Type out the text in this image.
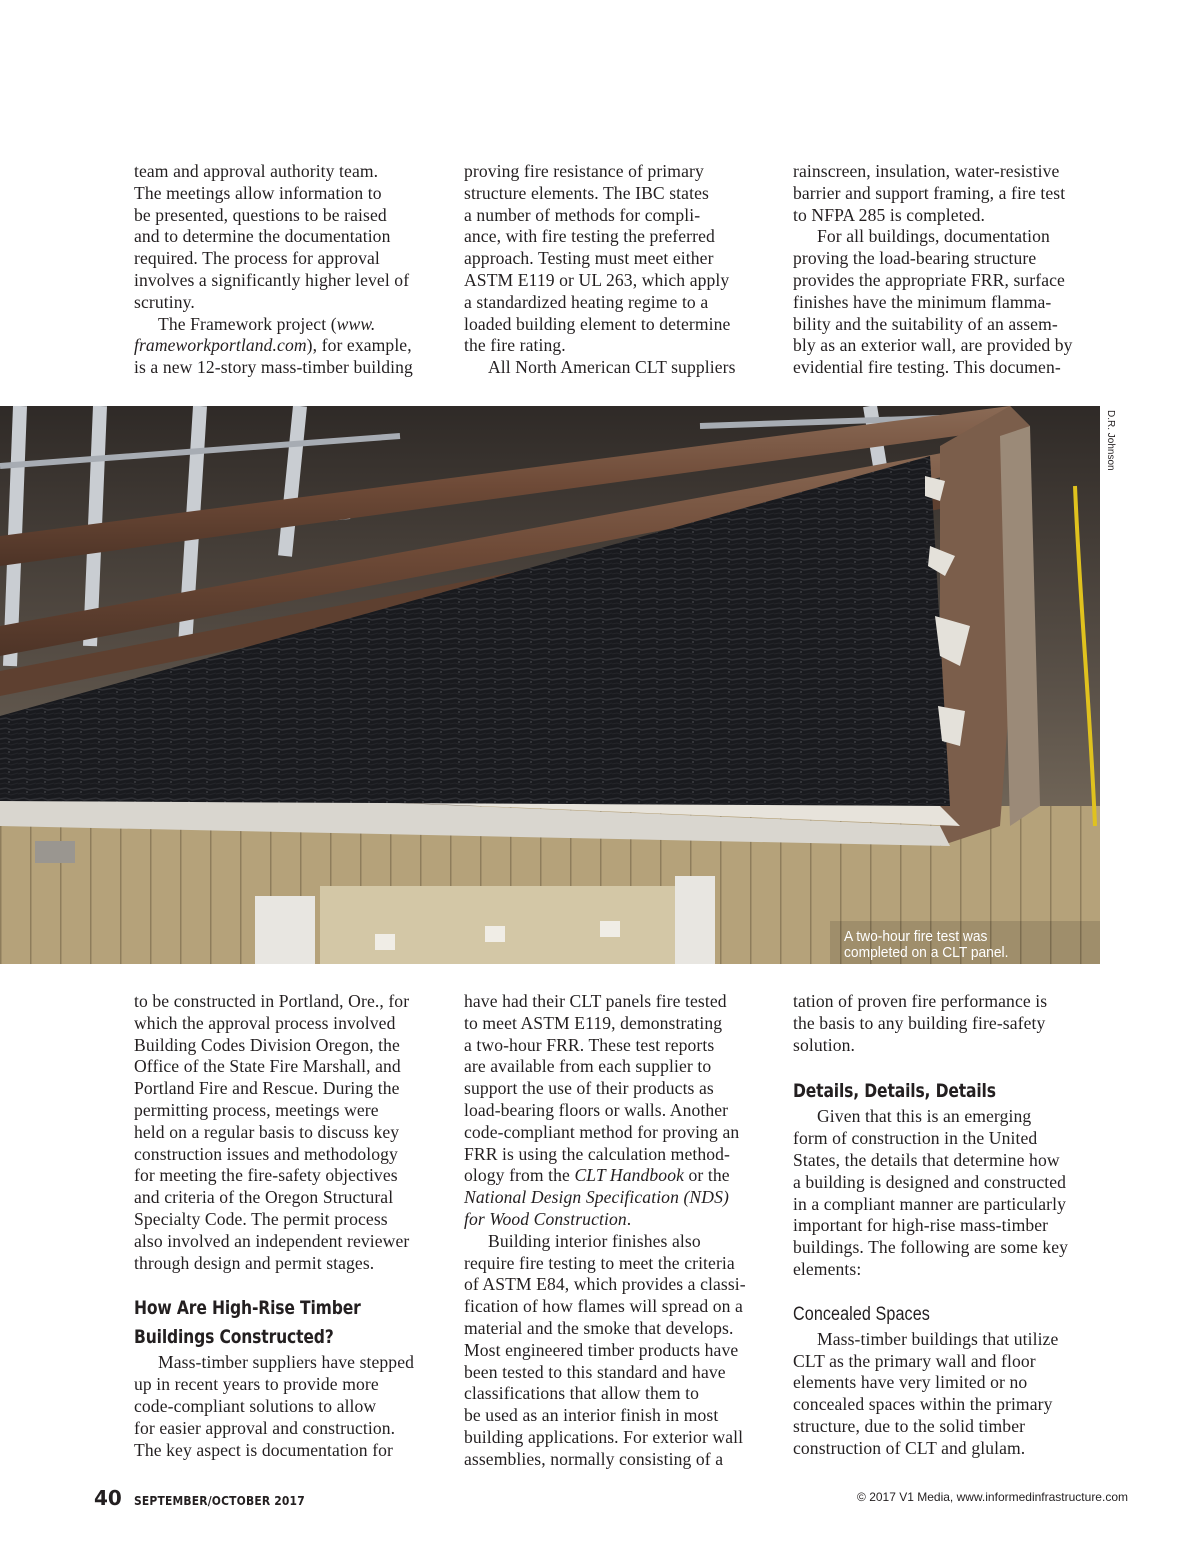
team and approval authority team.
The meetings allow information to
be presented, questions to be raised
and to determine the documentation
required. The process for approval
involves a significantly higher level of
scrutiny.

The Framework project (www.
frameworkportland.com), for example,
is a new 12-story mass-timber building

proving fire resistance of primary
structure elements. The IBC states
a number of methods for compli-
ance, with fire testing the preferred
approach. Testing must meet either
ASTM E119 or UL 263, which apply
a standardized heating regime to a
loaded building element to determine
the fire rating.

All North American CLT suppliers

rainscreen, insulation, water-resistive
barrier and support framing, a fire test
to NFPA 285 is completed.

For all buildings, documentation
proving the load-bearing structure
provides the appropriate FRR, surface
finishes have the minimum flamma-
bility and the suitability of an assem-
bly as an exterior wall, are provided by
evidential fire testing. This documen-

D.R. Johnson
A two-hour fire test was
completed on a CLT panel.

to be constructed in Portland, Ore., for
which the approval process involved
Building Codes Division Oregon, the
Office of the State Fire Marshall, and
Portland Fire and Rescue. During the
permitting process, meetings were
held on a regular basis to discuss key
construction issues and methodology
for meeting the fire-safety objectives
and criteria of the Oregon Structural
Specialty Code. The permit process
also involved an independent reviewer
through design and permit stages.

How Are High-Rise Timber
Buildings Constructed?

Mass-timber suppliers have stepped
up in recent years to provide more
code-compliant solutions to allow
for easier approval and construction.
The key aspect is documentation for

have had their CLT panels fire tested
to meet ASTM E119, demonstrating
a two-hour FRR. These test reports
are available from each supplier to
support the use of their products as
load-bearing floors or walls. Another
code-compliant method for proving an
FRR is using the calculation method-
ology from the CLT Handbook or the
National Design Specification (NDS)
for Wood Construction.

Building interior finishes also
require fire testing to meet the criteria
of ASTM E84, which provides a classi-
fication of how flames will spread on a
material and the smoke that develops.
Most engineered timber products have
been tested to this standard and have
classifications that allow them to
be used as an interior finish in most
building applications. For exterior wall
assemblies, normally consisting of a

tation of proven fire performance is
the basis to any building fire-safety
solution.

Details, Details, Details

Given that this is an emerging
form of construction in the United
States, the details that determine how
a building is designed and constructed
in a compliant manner are particularly
important for high-rise mass-timber
buildings. The following are some key
elements:

Concealed Spaces

Mass-timber buildings that utilize
CLT as the primary wall and floor
elements have very limited or no
concealed spaces within the primary
structure, due to the solid timber
construction of CLT and glulam.

40 SEPTEMBER/OCTOBER 2017	© 2017 V1 Media, www.informedinfrastructure.com
